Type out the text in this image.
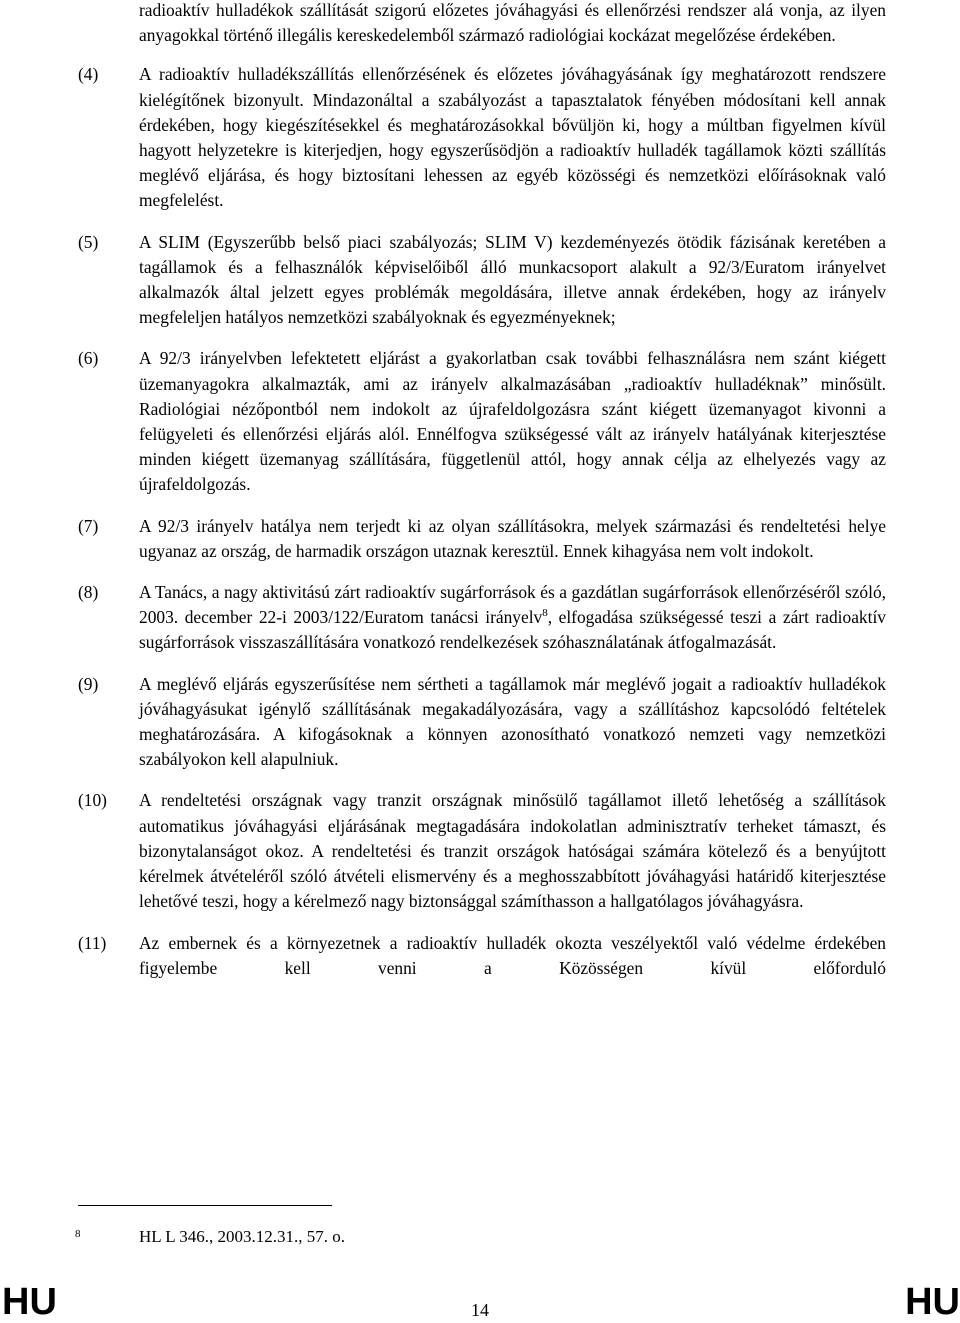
radioaktív hulladékok szállítását szigorú előzetes jóváhagyási és ellenőrzési rendszer alá vonja, az ilyen anyagokkal történő illegális kereskedelemből származó radiológiai kockázat megelőzése érdekében.
(4)	A radioaktív hulladékszállítás ellenőrzésének és előzetes jóváhagyásának így meghatározott rendszere kielégítőnek bizonyult. Mindazonáltal a szabályozást a tapasztalatok fényében módosítani kell annak érdekében, hogy kiegészítésekkel és meghatározásokkal bővüljön ki, hogy a múltban figyelmen kívül hagyott helyzetekre is kiterjedjen, hogy egyszerűsödjön a radioaktív hulladék tagállamok közti szállítás meglévő eljárása, és hogy biztosítani lehessen az egyéb közösségi és nemzetközi előírásoknak való megfelelést.
(5)	A SLIM (Egyszerűbb belső piaci szabályozás; SLIM V) kezdeményezés ötödik fázisának keretében a tagállamok és a felhasználók képviselőiből álló munkacsoport alakult a 92/3/Euratom irányelvet alkalmazók által jelzett egyes problémák megoldására, illetve annak érdekében, hogy az irányelv megfeleljen hatályos nemzetközi szabályoknak és egyezményeknek;
(6)	A 92/3 irányelvben lefektetett eljárást a gyakorlatban csak további felhasználásra nem szánt kiégett üzemanyagokra alkalmazták, ami az irányelv alkalmazásában „radioaktív hulladéknak” minősült. Radiológiai nézőpontból nem indokolt az újrafeldolgozásra szánt kiégett üzemanyagot kivonni a felügyeleti és ellenőrzési eljárás alól. Ennélfogva szükségessé vált az irányelv hatályának kiterjesztése minden kiégett üzemanyag szállítására, függetlenül attól, hogy annak célja az elhelyezés vagy az újrafeldolgozás.
(7)	A 92/3 irányelv hatálya nem terjedt ki az olyan szállításokra, melyek származási és rendeltetési helye ugyanaz az ország, de harmadik országon utaznak keresztül. Ennek kihagyása nem volt indokolt.
(8)	A Tanács, a nagy aktivitású zárt radioaktív sugárforrások és a gazdátlan sugárforrások ellenőrzéséről szóló, 2003. december 22-i 2003/122/Euratom tanácsi irányelv$^8$, elfogadása szükségessé teszi a zárt radioaktív sugárforrások visszaszállítására vonatkozó rendelkezések szóhasználatának átfogalmazását.
(9)	A meglévő eljárás egyszerűsítése nem sértheti a tagállamok már meglévő jogait a radioaktív hulladékok jóváhagyásukat igénylő szállításának megakadályozására, vagy a szállításhoz kapcsolódó feltételek meghatározására. A kifogásoknak a könnyen azonosítható vonatkozó nemzeti vagy nemzetközi szabályokon kell alapulniuk.
(10)	A rendeltetési országnak vagy tranzit országnak minősülő tagállamot illető lehetőség a szállítások automatikus jóváhagyási eljárásának megtagadására indokolatlan adminisztratív terheket támaszt, és bizonytalanságot okoz. A rendeltetési és tranzit országok hatóságai számára kötelező és a benyújtott kérelmek átvételéről szóló átvételi elismervény és a meghosszabbított jóváhagyási határidő kiterjesztése lehetővé teszi, hogy a kérelmező nagy biztonsággal számíthasson a hallgatólagos jóváhagyásra.
(11)	Az embernek és a környezetnek a radioaktív hulladék okozta veszélyektől való védelme érdekében figyelembe kell venni a Közösségen kívül előforduló
8	HL L 346., 2003.12.31., 57. o.
HU	14	HU
